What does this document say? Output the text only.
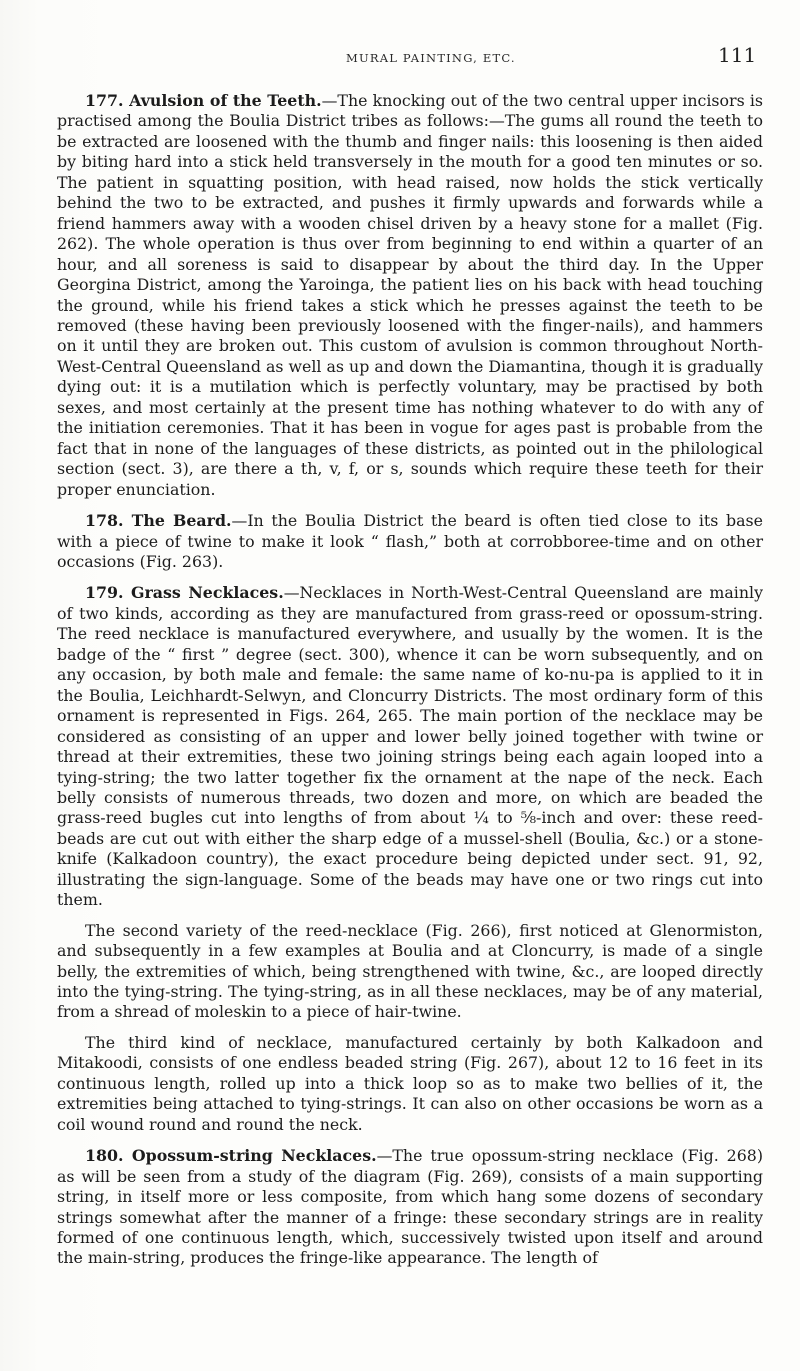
MURAL PAINTING, ETC.	111

177. Avulsion of the Teeth.—The knocking out of the two central upper incisors is practised among the Boulia District tribes as follows:—The gums all round the teeth to be extracted are loosened with the thumb and finger nails: this loosening is then aided by biting hard into a stick held transversely in the mouth for a good ten minutes or so. The patient in squatting position, with head raised, now holds the stick vertically behind the two to be extracted, and pushes it firmly upwards and forwards while a friend hammers away with a wooden chisel driven by a heavy stone for a mallet (Fig. 262). The whole operation is thus over from beginning to end within a quarter of an hour, and all soreness is said to disappear by about the third day. In the Upper Georgina District, among the Yaroinga, the patient lies on his back with head touching the ground, while his friend takes a stick which he presses against the teeth to be removed (these having been previously loosened with the finger-nails), and hammers on it until they are broken out. This custom of avulsion is common throughout North-West-Central Queensland as well as up and down the Diamantina, though it is gradually dying out: it is a mutilation which is perfectly voluntary, may be practised by both sexes, and most certainly at the present time has nothing whatever to do with any of the initiation ceremonies. That it has been in vogue for ages past is probable from the fact that in none of the languages of these districts, as pointed out in the philological section (sect. 3), are there a th, v, f, or s, sounds which require these teeth for their proper enunciation.

178. The Beard.—In the Boulia District the beard is often tied close to its base with a piece of twine to make it look “ flash,” both at corrobboree-time and on other occasions (Fig. 263).

179. Grass Necklaces.—Necklaces in North-West-Central Queensland are mainly of two kinds, according as they are manufactured from grass-reed or opossum-string. The reed necklace is manufactured everywhere, and usually by the women. It is the badge of the “ first ” degree (sect. 300), whence it can be worn subsequently, and on any occasion, by both male and female: the same name of ko-nu-pa is applied to it in the Boulia, Leichhardt-Selwyn, and Cloncurry Districts. The most ordinary form of this ornament is represented in Figs. 264, 265. The main portion of the necklace may be considered as consisting of an upper and lower belly joined together with twine or thread at their extremities, these two joining strings being each again looped into a tying-string; the two latter together fix the ornament at the nape of the neck. Each belly consists of numerous threads, two dozen and more, on which are beaded the grass-reed bugles cut into lengths of from about ¼ to ⅝-inch and over: these reed-beads are cut out with either the sharp edge of a mussel-shell (Boulia, &c.) or a stone-knife (Kalkadoon country), the exact procedure being depicted under sect. 91, 92, illustrating the sign-language. Some of the beads may have one or two rings cut into them.

The second variety of the reed-necklace (Fig. 266), first noticed at Glenormiston, and subsequently in a few examples at Boulia and at Cloncurry, is made of a single belly, the extremities of which, being strengthened with twine, &c., are looped directly into the tying-string. The tying-string, as in all these necklaces, may be of any material, from a shread of moleskin to a piece of hair-twine.

The third kind of necklace, manufactured certainly by both Kalkadoon and Mitakoodi, consists of one endless beaded string (Fig. 267), about 12 to 16 feet in its continuous length, rolled up into a thick loop so as to make two bellies of it, the extremities being attached to tying-strings. It can also on other occasions be worn as a coil wound round and round the neck.

180. Opossum-string Necklaces.—The true opossum-string necklace (Fig. 268) as will be seen from a study of the diagram (Fig. 269), consists of a main supporting string, in itself more or less composite, from which hang some dozens of secondary strings somewhat after the manner of a fringe: these secondary strings are in reality formed of one continuous length, which, successively twisted upon itself and around the main-string, produces the fringe-like appearance. The length of
